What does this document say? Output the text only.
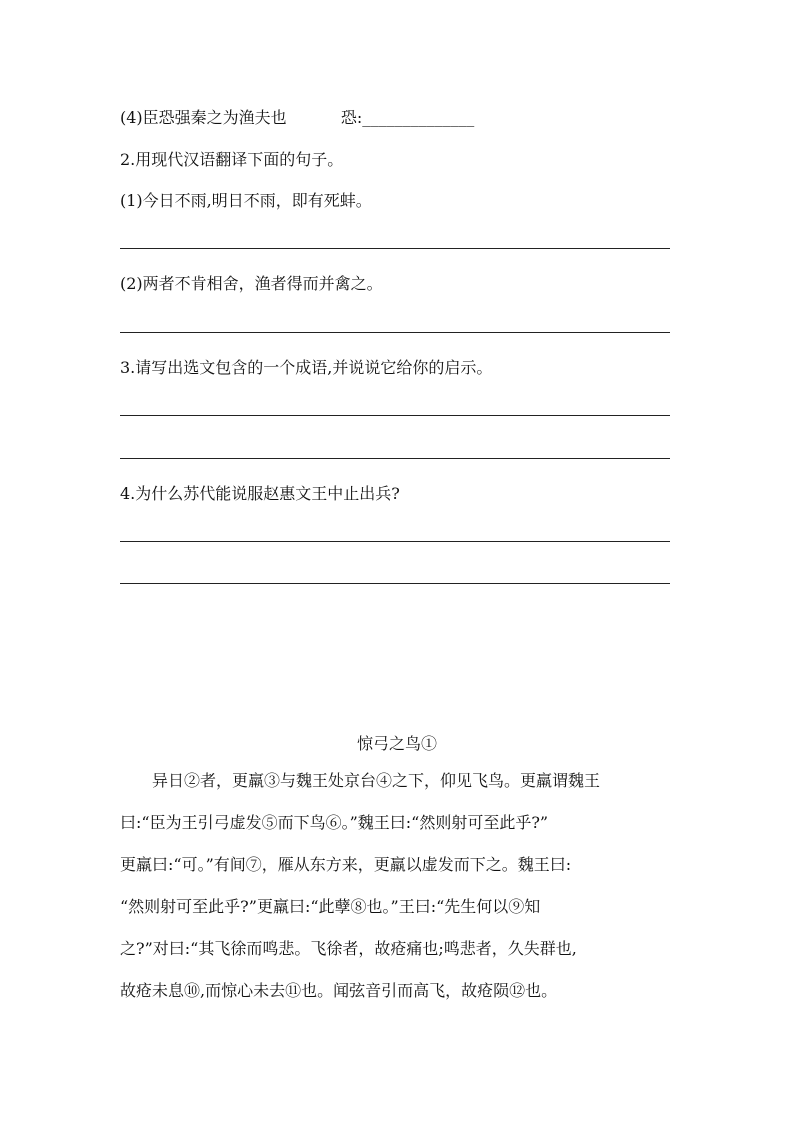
(4)臣恐强秦之为渔夫也	恐:______________
2.用现代汉语翻译下面的句子。
(1)今日不雨,明日不雨，即有死蚌。
(2)两者不肯相舍，渔者得而并禽之。
3.请写出选文包含的一个成语,并说说它给你的启示。
4.为什么苏代能说服赵惠文王中止出兵?
惊弓之鸟①
异日②者，更羸③与魏王处京台④之下，仰见飞鸟。更羸谓魏王
曰:“臣为王引弓虚发⑤而下鸟⑥。”魏王曰:“然则射可至此乎?”
更羸曰:“可。”有间⑦，雁从东方来，更羸以虚发而下之。魏王曰:
“然则射可至此乎?”更羸曰:“此孽⑧也。”王曰:“先生何以⑨知
之?”对曰:“其飞徐而鸣悲。飞徐者，故疮痛也;鸣悲者，久失群也,
故疮未息⑩,而惊心未去⑪也。闻弦音引而高飞，故疮陨⑫也。
